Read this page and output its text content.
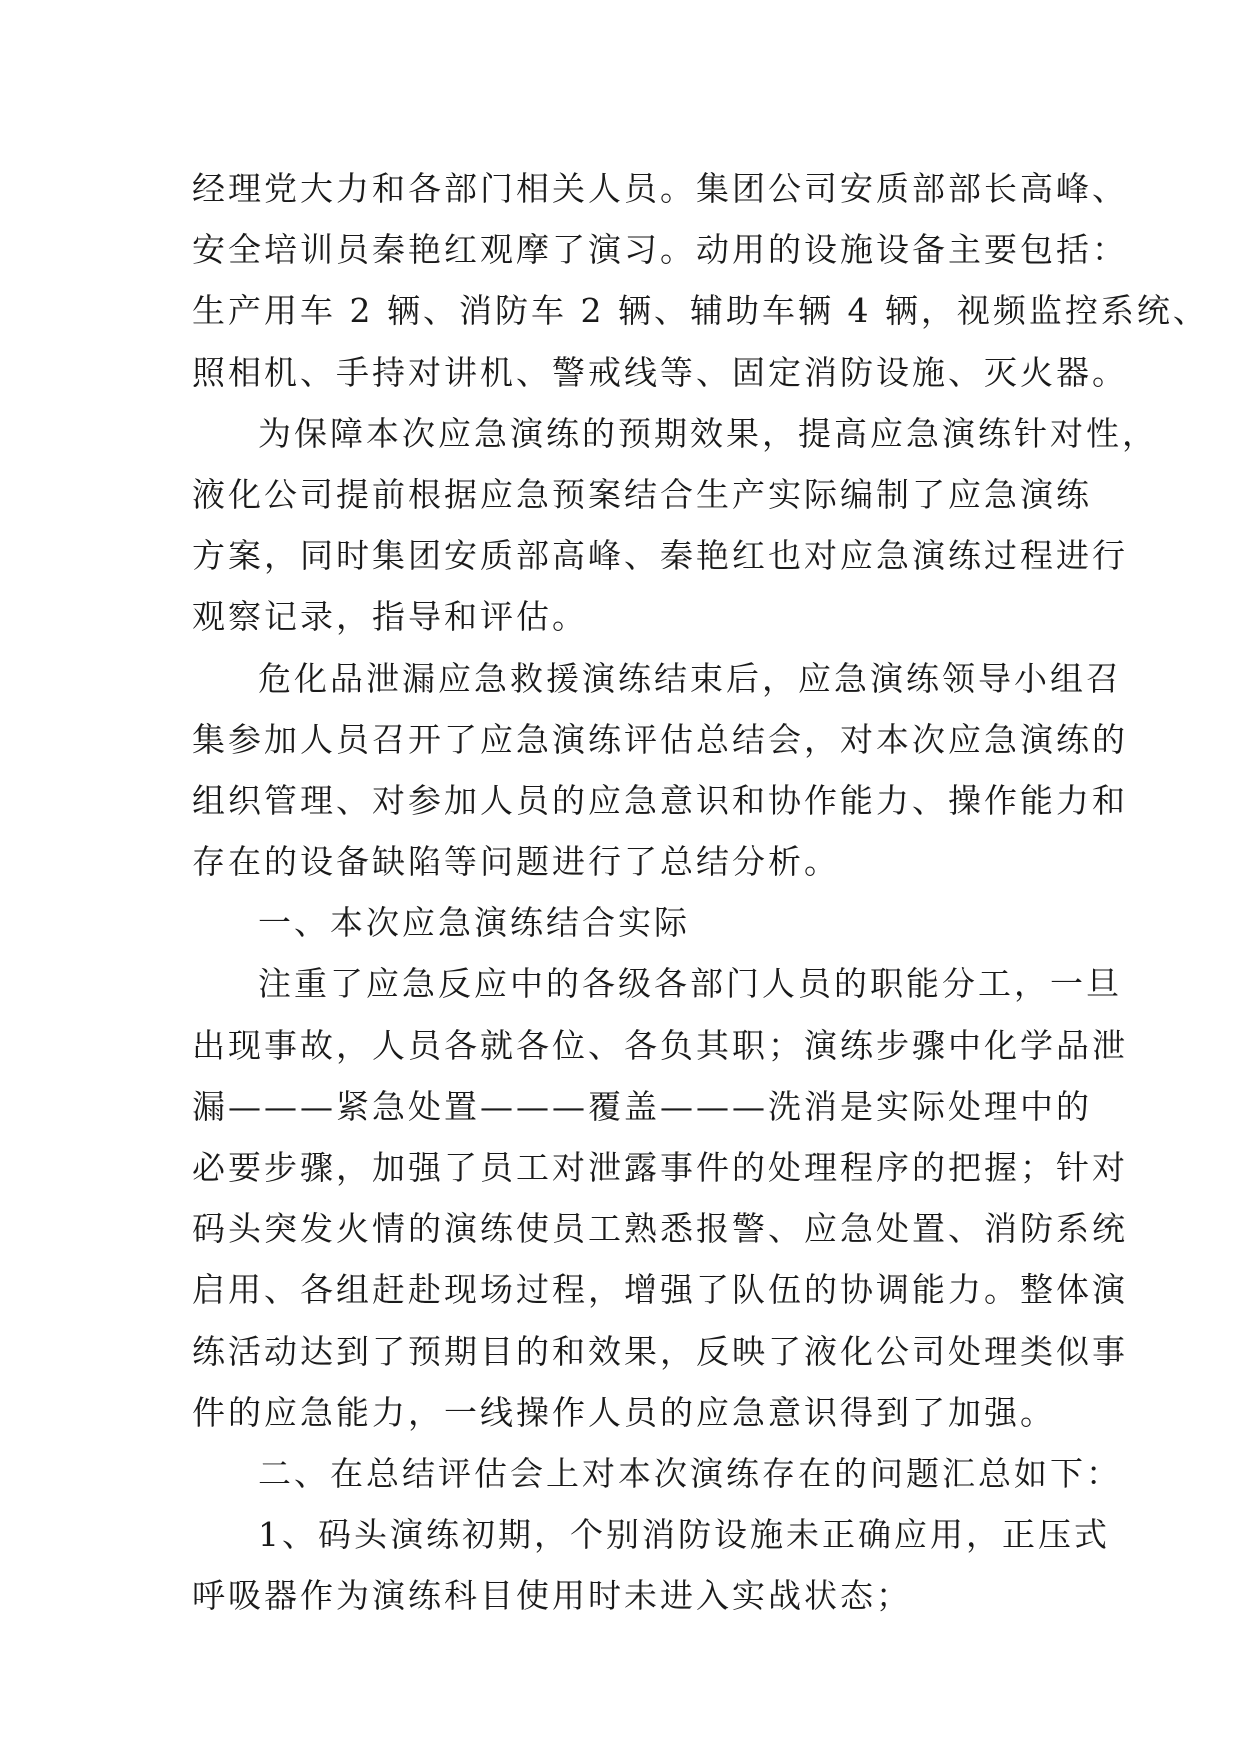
经理党大力和各部门相关人员。集团公司安质部部长高峰、
安全培训员秦艳红观摩了演习。动用的设施设备主要包括：
生产用车 2 辆、消防车 2 辆、辅助车辆 4 辆，视频监控系统、
照相机、手持对讲机、警戒线等、固定消防设施、灭火器。
为保障本次应急演练的预期效果，提高应急演练针对性，
液化公司提前根据应急预案结合生产实际编制了应急演练
方案，同时集团安质部高峰、秦艳红也对应急演练过程进行
观察记录，指导和评估。
危化品泄漏应急救援演练结束后，应急演练领导小组召
集参加人员召开了应急演练评估总结会，对本次应急演练的
组织管理、对参加人员的应急意识和协作能力、操作能力和
存在的设备缺陷等问题进行了总结分析。
一、本次应急演练结合实际
注重了应急反应中的各级各部门人员的职能分工，一旦
出现事故，人员各就各位、各负其职；演练步骤中化学品泄
漏———紧急处置———覆盖———洗消是实际处理中的
必要步骤，加强了员工对泄露事件的处理程序的把握；针对
码头突发火情的演练使员工熟悉报警、应急处置、消防系统
启用、各组赶赴现场过程，增强了队伍的协调能力。整体演
练活动达到了预期目的和效果，反映了液化公司处理类似事
件的应急能力，一线操作人员的应急意识得到了加强。
二、在总结评估会上对本次演练存在的问题汇总如下：
1、码头演练初期，个别消防设施未正确应用，正压式
呼吸器作为演练科目使用时未进入实战状态；
